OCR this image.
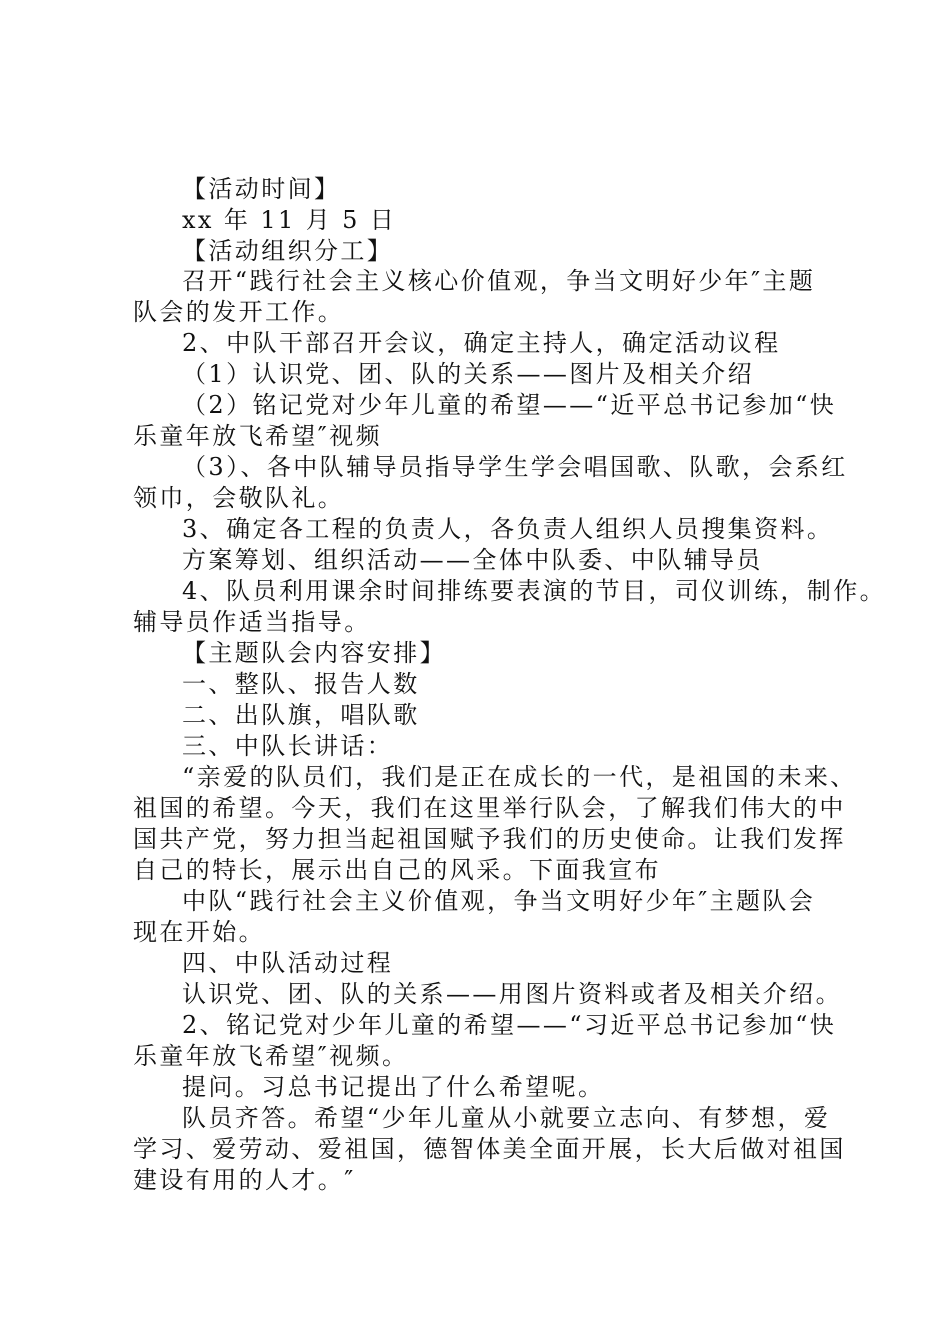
【活动时间】

xx 年 11 月 5 日

【活动组织分工】

召开“践行社会主义核心价值观，争当文明好少年″主题

队会的发开工作。

2、中队干部召开会议，确定主持人，确定活动议程

（1）认识党、团、队的关系——图片及相关介绍

（2）铭记党对少年儿童的希望——“近平总书记参加“快

乐童年放飞希望″视频

（3）、各中队辅导员指导学生学会唱国歌、队歌，会系红

领巾，会敬队礼。

3、确定各工程的负责人，各负责人组织人员搜集资料。

方案筹划、组织活动——全体中队委、中队辅导员

4、队员利用课余时间排练要表演的节目，司仪训练，制作。

辅导员作适当指导。

【主题队会内容安排】

一、整队、报告人数

二、出队旗，唱队歌

三、中队长讲话：

“亲爱的队员们，我们是正在成长的一代，是祖国的未来、

祖国的希望。今天，我们在这里举行队会，了解我们伟大的中

国共产党，努力担当起祖国赋予我们的历史使命。让我们发挥

自己的特长，展示出自己的风采。下面我宣布

中队“践行社会主义价值观，争当文明好少年″主题队会

现在开始。

四、中队活动过程

认识党、团、队的关系——用图片资料或者及相关介绍。

2、铭记党对少年儿童的希望——“习近平总书记参加“快

乐童年放飞希望″视频。

提问。习总书记提出了什么希望呢。

队员齐答。希望“少年儿童从小就要立志向、有梦想，爱

学习、爱劳动、爱祖国，德智体美全面开展，长大后做对祖国

建设有用的人才。″
